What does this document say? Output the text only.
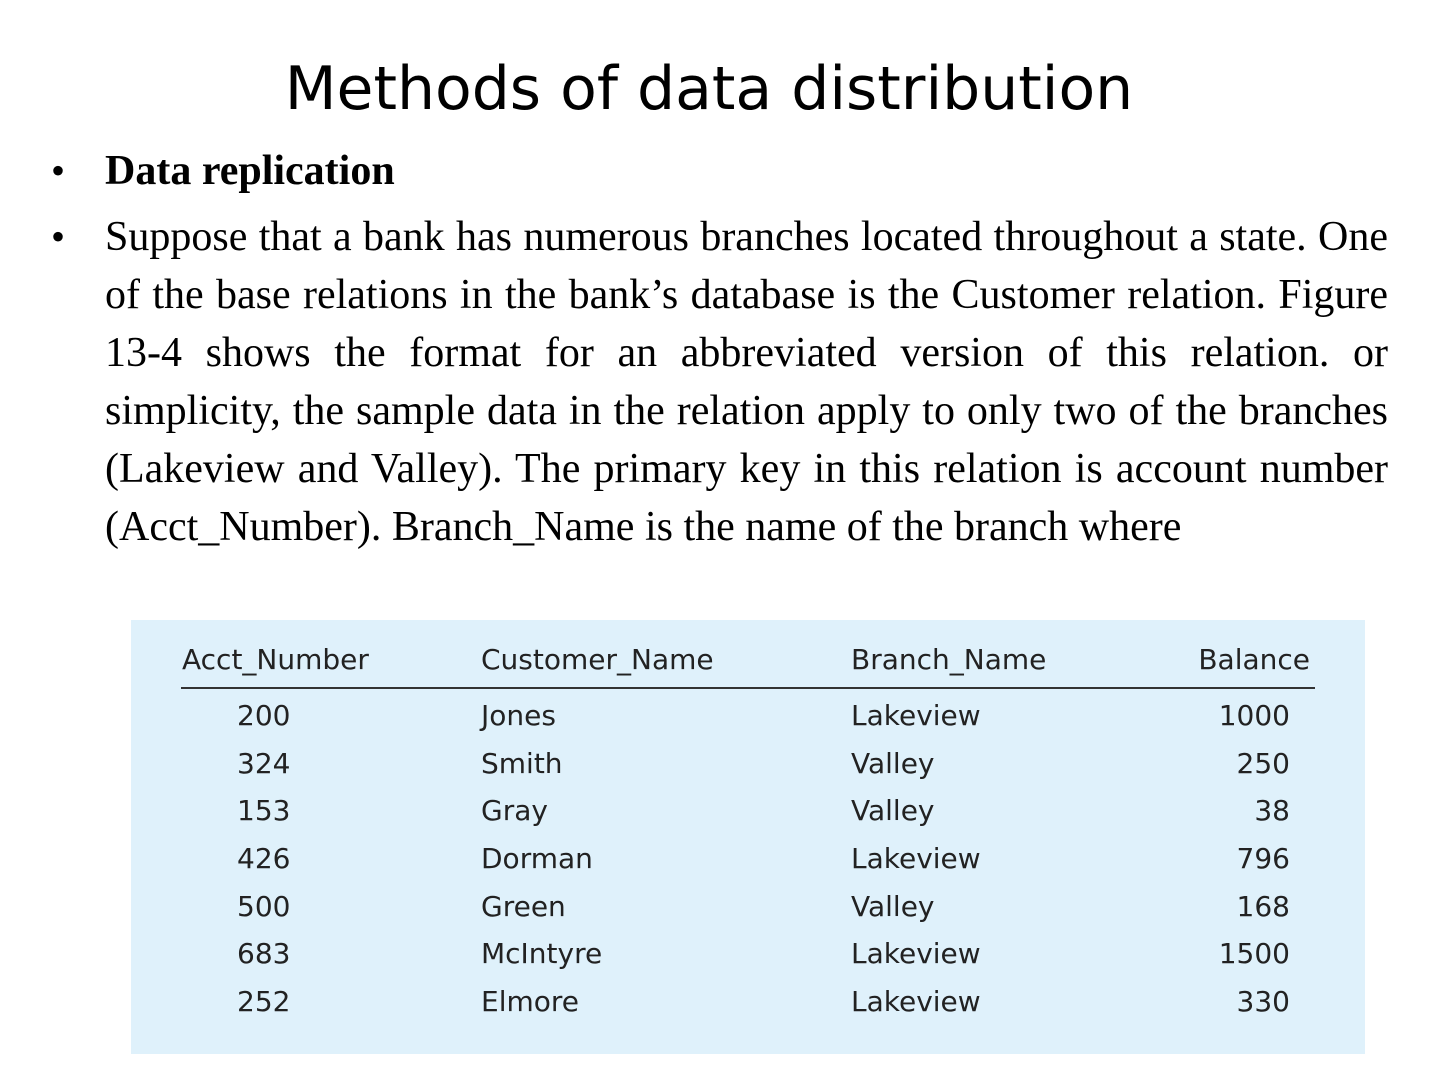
Methods of data distribution
• Data replication
• Suppose that a bank has numerous branches located throughout a state. One of the base relations in the bank’s database is the Customer relation. Figure 13-4 shows the format for an abbreviated version of this relation. or simplicity, the sample data in the relation apply to only two of the branches (Lakeview and Valley). The primary key in this relation is account number (Acct_Number). Branch_Name is the name of the branch where
Acct_Number	Customer_Name	Branch_Name	Balance
200	Jones	Lakeview	1000
324	Smith	Valley	250
153	Gray	Valley	38
426	Dorman	Lakeview	796
500	Green	Valley	168
683	McIntyre	Lakeview	1500
252	Elmore	Lakeview	330
